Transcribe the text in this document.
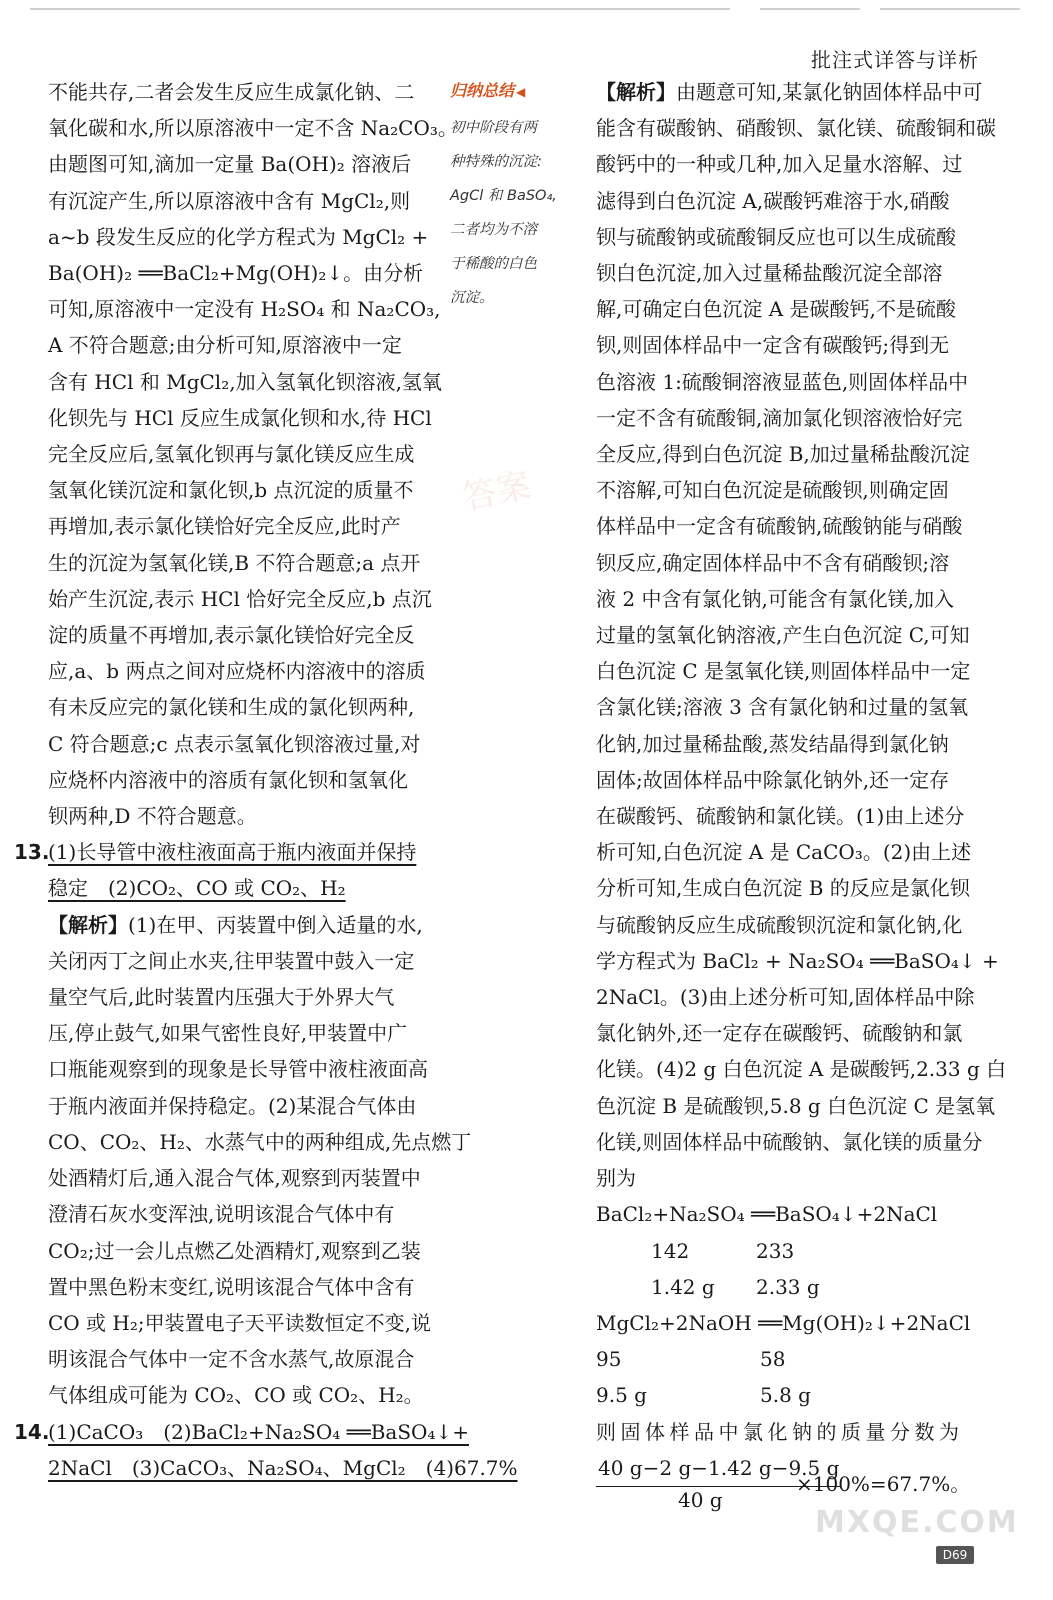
批注式详答与详析
答案

不能共存,二者会发生反应生成氯化钠、二

氧化碳和水,所以原溶液中一定不含 Na₂CO₃。

由题图可知,滴加一定量 Ba(OH)₂ 溶液后

有沉淀产生,所以原溶液中含有 MgCl₂,则

a~b 段发生反应的化学方程式为 MgCl₂ +

Ba(OH)₂ ══BaCl₂+Mg(OH)₂↓。由分析

可知,原溶液中一定没有 H₂SO₄ 和 Na₂CO₃,

A 不符合题意;由分析可知,原溶液中一定

含有 HCl 和 MgCl₂,加入氢氧化钡溶液,氢氧

化钡先与 HCl 反应生成氯化钡和水,待 HCl

完全反应后,氢氧化钡再与氯化镁反应生成

氢氧化镁沉淀和氯化钡,b 点沉淀的质量不

再增加,表示氯化镁恰好完全反应,此时产

生的沉淀为氢氧化镁,B 不符合题意;a 点开

始产生沉淀,表示 HCl 恰好完全反应,b 点沉

淀的质量不再增加,表示氯化镁恰好完全反

应,a、b 两点之间对应烧杯内溶液中的溶质

有未反应完的氯化镁和生成的氯化钡两种,

C 符合题意;c 点表示氢氧化钡溶液过量,对

应烧杯内溶液中的溶质有氯化钡和氢氧化

钡两种,D 不符合题意。

13.(1)长导管中液柱液面高于瓶内液面并保持

稳定　(2)CO₂、CO 或 CO₂、H₂

【解析】(1)在甲、丙装置中倒入适量的水,

关闭丙丁之间止水夹,往甲装置中鼓入一定

量空气后,此时装置内压强大于外界大气

压,停止鼓气,如果气密性良好,甲装置中广

口瓶能观察到的现象是长导管中液柱液面高

于瓶内液面并保持稳定。(2)某混合气体由

CO、CO₂、H₂、水蒸气中的两种组成,先点燃丁

处酒精灯后,通入混合气体,观察到丙装置中

澄清石灰水变浑浊,说明该混合气体中有

CO₂;过一会儿点燃乙处酒精灯,观察到乙装

置中黑色粉末变红,说明该混合气体中含有

CO 或 H₂;甲装置电子天平读数恒定不变,说

明该混合气体中一定不含水蒸气,故原混合

气体组成可能为 CO₂、CO 或 CO₂、H₂。

14.(1)CaCO₃　(2)BaCl₂+Na₂SO₄ ══BaSO₄↓+

2NaCl　(3)CaCO₃、Na₂SO₄、MgCl₂　(4)67.7%

归纳总结 ◀

初中阶段有两

种特殊的沉淀:

AgCl 和 BaSO₄,

二者均为不溶

于稀酸的白色

沉淀。

【解析】由题意可知,某氯化钠固体样品中可

能含有碳酸钠、硝酸钡、氯化镁、硫酸铜和碳

酸钙中的一种或几种,加入足量水溶解、过

滤得到白色沉淀 A,碳酸钙难溶于水,硝酸

钡与硫酸钠或硫酸铜反应也可以生成硫酸

钡白色沉淀,加入过量稀盐酸沉淀全部溶

解,可确定白色沉淀 A 是碳酸钙,不是硫酸

钡,则固体样品中一定含有碳酸钙;得到无

色溶液 1:硫酸铜溶液显蓝色,则固体样品中

一定不含有硫酸铜,滴加氯化钡溶液恰好完

全反应,得到白色沉淀 B,加过量稀盐酸沉淀

不溶解,可知白色沉淀是硫酸钡,则确定固

体样品中一定含有硫酸钠,硫酸钠能与硝酸

钡反应,确定固体样品中不含有硝酸钡;溶

液 2 中含有氯化钠,可能含有氯化镁,加入

过量的氢氧化钠溶液,产生白色沉淀 C,可知

白色沉淀 C 是氢氧化镁,则固体样品中一定

含氯化镁;溶液 3 含有氯化钠和过量的氢氧

化钠,加过量稀盐酸,蒸发结晶得到氯化钠

固体;故固体样品中除氯化钠外,还一定存

在碳酸钙、硫酸钠和氯化镁。(1)由上述分

析可知,白色沉淀 A 是 CaCO₃。(2)由上述

分析可知,生成白色沉淀 B 的反应是氯化钡

与硫酸钠反应生成硫酸钡沉淀和氯化钠,化

学方程式为 BaCl₂ + Na₂SO₄ ══BaSO₄↓ +

2NaCl。(3)由上述分析可知,固体样品中除

氯化钠外,还一定存在碳酸钙、硫酸钠和氯

化镁。(4)2 g 白色沉淀 A 是碳酸钙,2.33 g 白

色沉淀 B 是硫酸钡,5.8 g 白色沉淀 C 是氢氧

化镁,则固体样品中硫酸钠、氯化镁的质量分

别为

BaCl₂+Na₂SO₄ ══BaSO₄↓+2NaCl

142	233

1.42 g 2.33 g

MgCl₂+2NaOH ══Mg(OH)₂↓+2NaCl

95	58

9.5 g	5.8 g

则固体样品中氯化钠的质量分数为

40 g−2 g−1.42 g−9.5 g
×100%=67.7%。
40 g
MXQE.COM
D69
